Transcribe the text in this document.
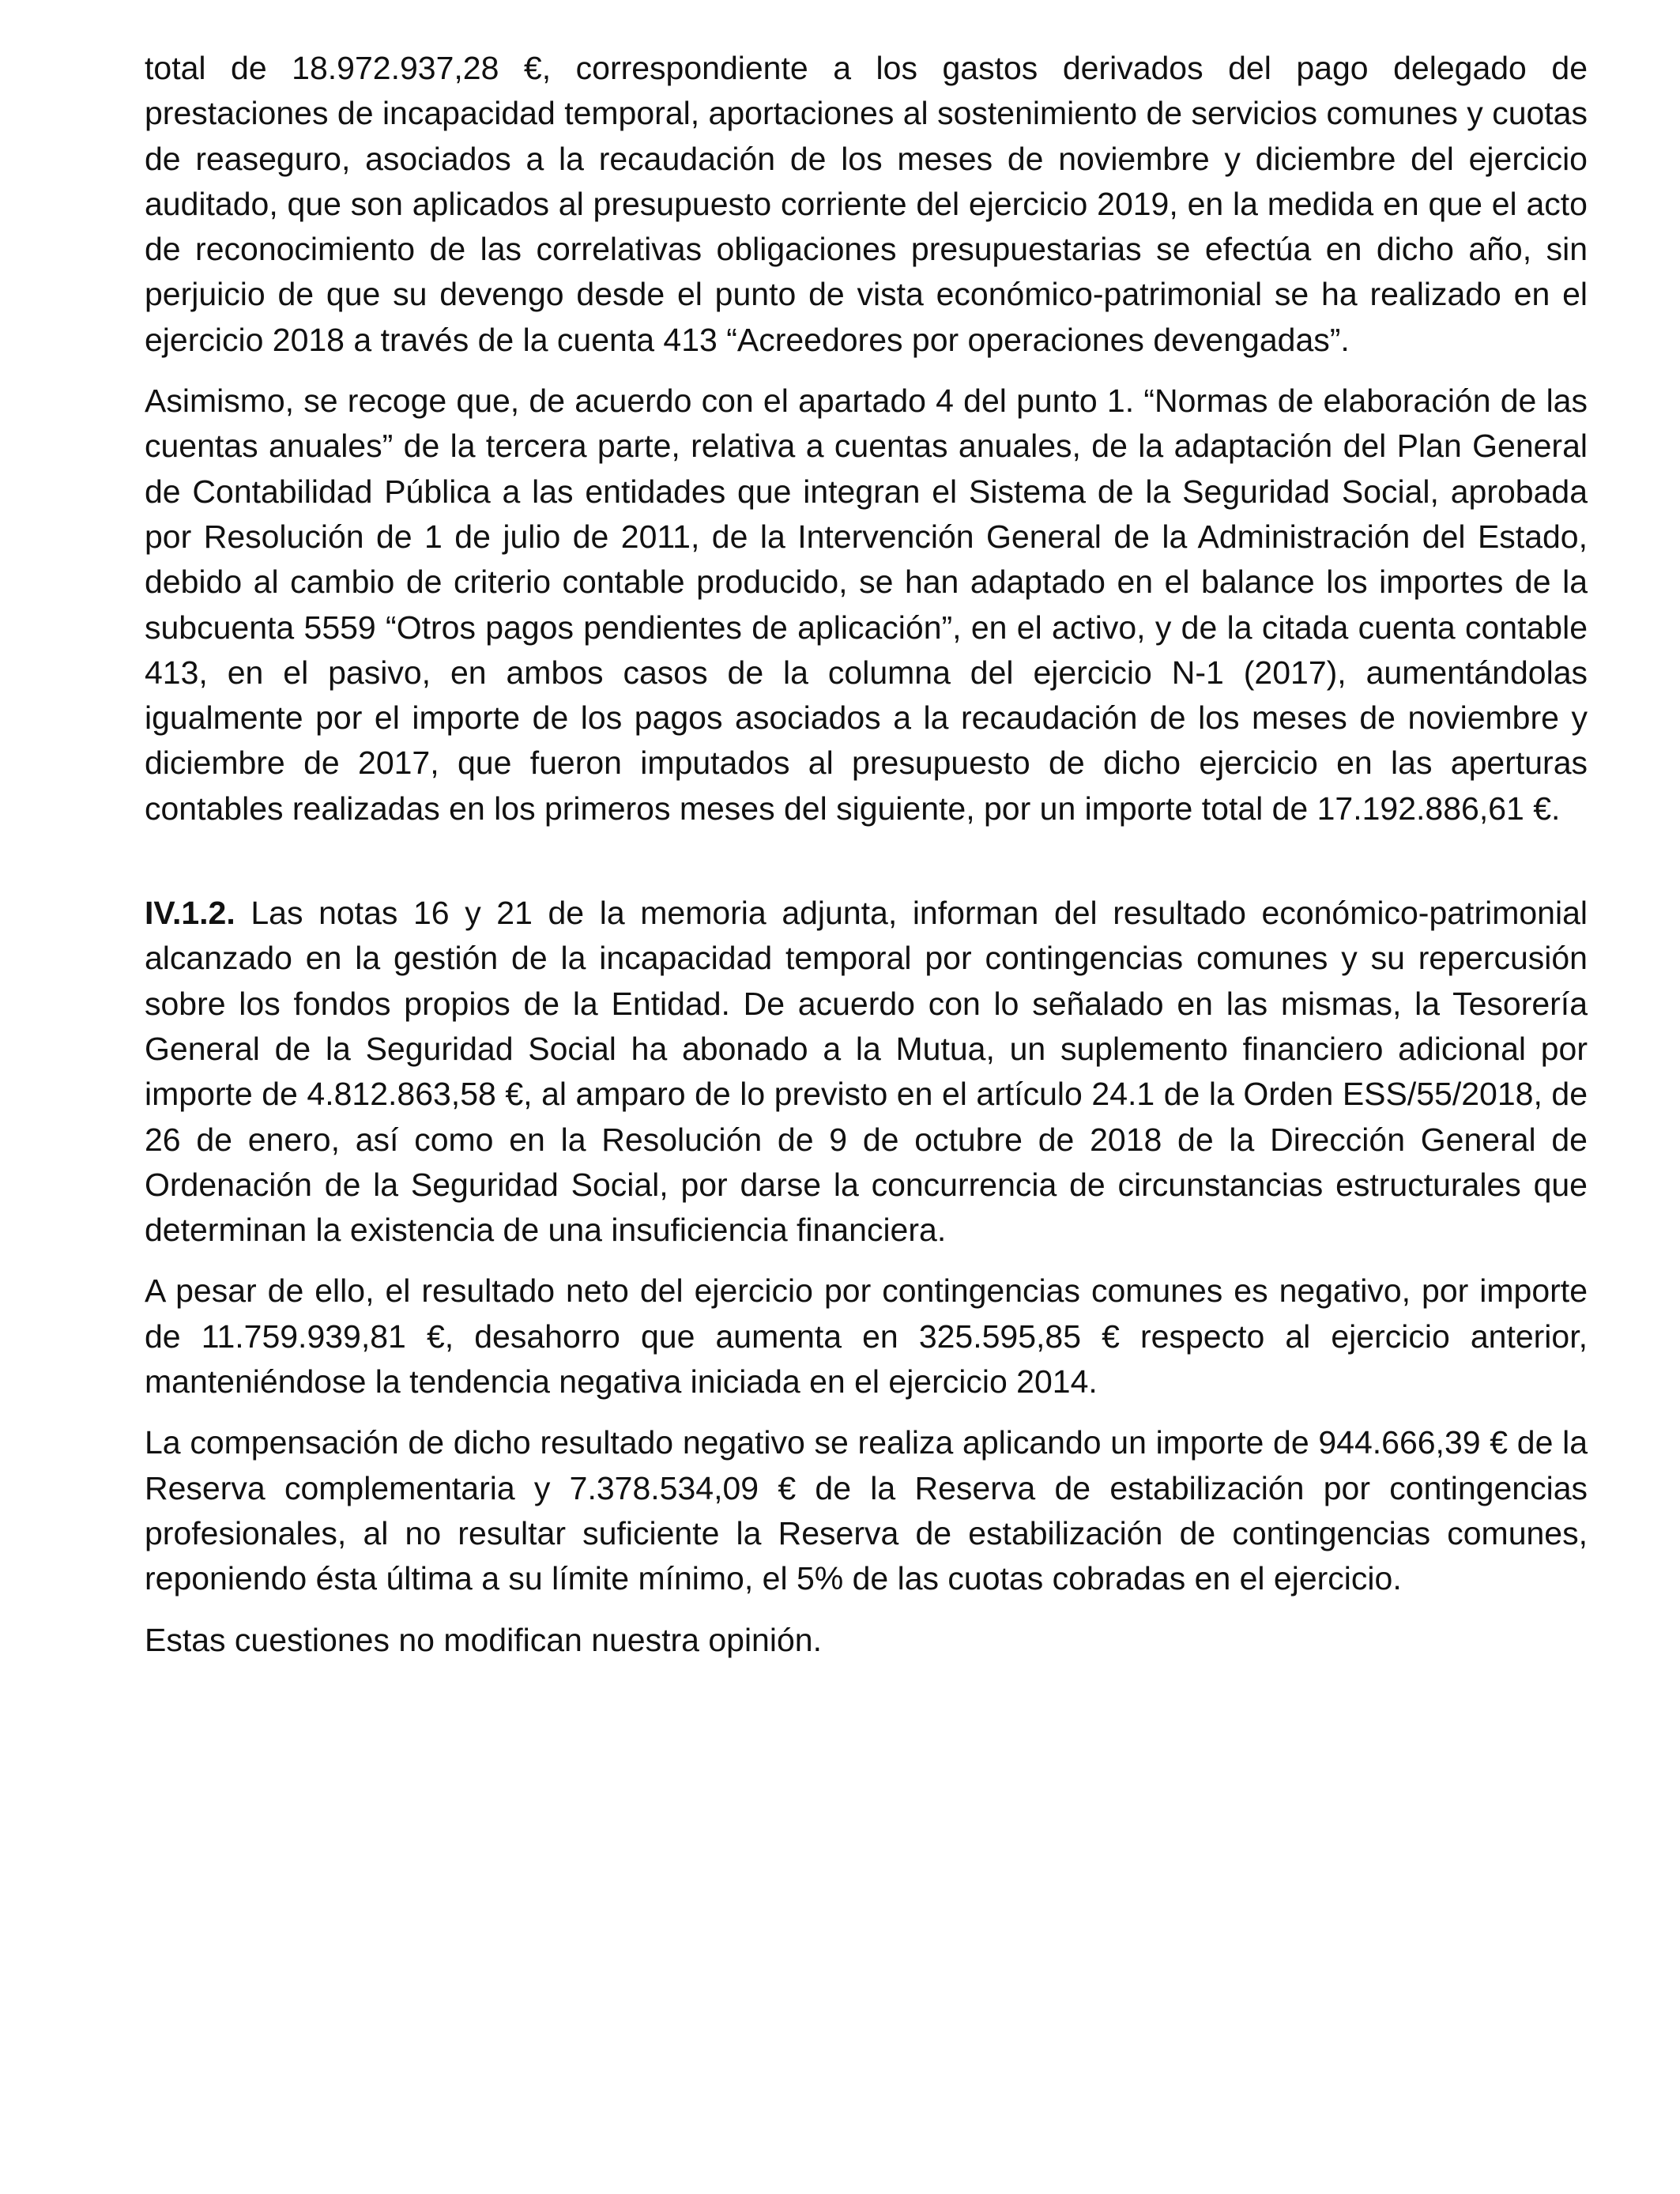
total de 18.972.937,28 €, correspondiente a los gastos derivados del pago delegado de prestaciones de incapacidad temporal, aportaciones al sostenimiento de servicios comunes y cuotas de reaseguro, asociados a la recaudación de los meses de noviembre y diciembre del ejercicio auditado, que son aplicados al presupuesto corriente del ejercicio 2019, en la medida en que el acto de reconocimiento de las correlativas obligaciones presupuestarias se efectúa en dicho año, sin perjuicio de que su devengo desde el punto de vista económico-patrimonial se ha realizado en el ejercicio 2018 a través de la cuenta 413 “Acreedores por operaciones devengadas”.

Asimismo, se recoge que, de acuerdo con el apartado 4 del punto 1. “Normas de elaboración de las cuentas anuales” de la tercera parte, relativa a cuentas anuales, de la adaptación del Plan General de Contabilidad Pública a las entidades que integran el Sistema de la Seguridad Social, aprobada por Resolución de 1 de julio de 2011, de la Intervención General de la Administración del Estado, debido al cambio de criterio contable producido, se han adaptado en el balance los importes de la subcuenta 5559 “Otros pagos pendientes de aplicación”, en el activo, y de la citada cuenta contable 413, en el pasivo, en ambos casos de la columna del ejercicio N-1 (2017), aumentándolas igualmente por el importe de los pagos asociados a la recaudación de los meses de noviembre y diciembre de 2017, que fueron imputados al presupuesto de dicho ejercicio en las aperturas contables realizadas en los primeros meses del siguiente, por un importe total de 17.192.886,61 €.

IV.1.2. Las notas 16 y 21 de la memoria adjunta, informan del resultado económico-patrimonial alcanzado en la gestión de la incapacidad temporal por contingencias comunes y su repercusión sobre los fondos propios de la Entidad. De acuerdo con lo señalado en las mismas, la Tesorería General de la Seguridad Social ha abonado a la Mutua, un suplemento financiero adicional por importe de 4.812.863,58 €, al amparo de lo previsto en el artículo 24.1 de la Orden ESS/55/2018, de 26 de enero, así como en la Resolución de 9 de octubre de 2018 de la Dirección General de Ordenación de la Seguridad Social, por darse la concurrencia de circunstancias estructurales que determinan la existencia de una insuficiencia financiera.

A pesar de ello, el resultado neto del ejercicio por contingencias comunes es negativo, por importe de 11.759.939,81 €, desahorro que aumenta en 325.595,85 € respecto al ejercicio anterior, manteniéndose la tendencia negativa iniciada en el ejercicio 2014.

La compensación de dicho resultado negativo se realiza aplicando un importe de 944.666,39 € de la Reserva complementaria y 7.378.534,09 € de la Reserva de estabilización por contingencias profesionales, al no resultar suficiente la Reserva de estabilización de contingencias comunes, reponiendo ésta última a su límite mínimo, el 5% de las cuotas cobradas en el ejercicio.

Estas cuestiones no modifican nuestra opinión.
